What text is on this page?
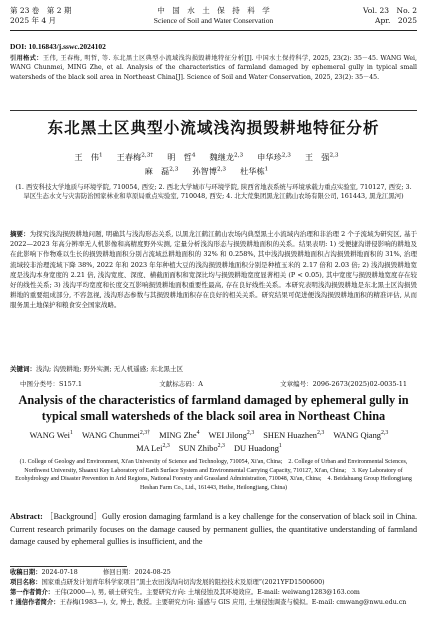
第 23 卷　第 2 期
2025 年 4 月
中　国　水　土　保　持　科　学
Science of Soil and Water Conservation
Vol. 23　No. 2
Apr.　2025
DOI: 10.16843/j.sswc.2024102
引用格式：王伟, 王春梅, 明哲, 等. 东北黑土区典型小流域浅沟损毁耕地特征分析[J]. 中国水土保持科学, 2025, 23(2): 35－45. WANG Wei, WANG Chunmei, MING Zhe, et al. Analysis of the characteristics of farmland damaged by ephemeral gully in typical small watersheds of the black soil area in Northeast China[J]. Science of Soil and Water Conservation, 2025, 23(2): 35－45.
东北黑土区典型小流域浅沟损毁耕地特征分析
王　伟$^1$ 王春梅$^{2,3\dagger}$ 明　哲$^4$ 魏继龙$^{2,3}$ 申华珍$^{2,3}$ 王　强$^{2,3}$
麻　磊$^{2,3}$ 孙智博$^{2,3}$ 杜华栋$^1$
(1. 西安科技大学地质与环境学院, 710054, 西安; 2. 西北大学城市与环境学院, 陕西省地表系统与环境承载力重点实验室, 710127, 西安; 3. 旱区生态水文与灾害防治国家林业和草原局重点实验室, 710048, 西安; 4. 北大荒集团黑龙江鹤山农场有限公司, 161443, 黑龙江黑河)
摘要：为探究浅沟损毁耕地问题, 明确其与浅沟形态关系, 以黑龙江鹤江鹤山农场内典型黑土小流域内治理和非治理 2 个子流域为研究区, 基于 2022—2023 年高分辨率无人机影像和高精度野外实测, 定量分析浅沟形态与损毁耕地面积的关系。结果表明: 1) 受便捷沟谱侵影响的耕地及在此影响下作物难以生长的损毁耕地面积分别占流域总耕地面积的 32% 和 0.258%, 其中浅沟损毁耕地面积占沟损毁耕地面积的 31%, 治理流域较非治理流域下降 38%, 2022 年和 2023 年年种植大豆的浅沟损毁耕地面积分别是种植玉米的 2.17 倍和 2.03 倍; 2) 浅沟损毁耕地宽度是浅沟本身宽度的 2.21 倍, 浅沟宽度、深度、横截面面积和宽深比均与损毁耕地宽度显著相关 (P < 0.05), 其中宽度与损毁耕地宽度存在较好的线性关系; 3) 浅沟平均宽度和长度交互影响损毁耕地面积重要性最高, 存在良好线性关系。本研究表明浅沟损毁耕地是东北黑土区沟损毁耕地的重要组成部分, 不容忽视, 浅沟形态参数与其损毁耕地面积存在良好的相关关系。研究结果可促进便浅沟损毁耕地面积的精准评估, 从而服务黑土地保护和粮食安全国家战略。
关键词：浅沟; 沟毁耕地; 野外实测; 无人机遥感; 东北黑土区
中图分类号：S157.1	文献标志码：A	文章编号：2096-2673(2025)02-0035-11
Analysis of the characteristics of farmland damaged by ephemeral gully in typical small watersheds of the black soil area in Northeast China
WANG Wei$^1$ WANG Chunmei$^{2,3\dagger}$ MING Zhe$^4$ WEI Jilong$^{2,3}$ SHEN Huazhen$^{2,3}$ WANG Qiang$^{2,3}$
MA Lei$^{2,3}$ SUN Zhibo$^{2,3}$ DU Huadong$^1$
(1. College of Geology and Environment, Xi'an University of Science and Technology, 710054, Xi'an, China;　2. College of Urban and Environmental Sciences, Northwest University, Shaanxi Key Laboratory of Earth Surface System and Environmental Carrying Capacity, 710127, Xi'an, China;　3. Key Laboratory of Ecohydrology and Disaster Prevention in Arid Regions, National Forestry and Grassland Administration, 710048, Xi'an, China;　4. Beidahuang Group Heilongjiang Heshan Farm Co., Ltd., 161443, Heihe, Heilongjiang, China)
Abstract: ［Background］Gully erosion damaging farmland is a key challenge for the conservation of black soil in China. Current research primarily focuses on the damage caused by permanent gullies, the quantitative understanding of farmland damage caused by ephemeral gullies is insufficient, and the
收稿日期：2024-07-18　　　　修回日期：2024-08-25
项目名称：国家重点研发计划青年科学家项目“黑土农田浅沟向切沟发展的阻控技术及原理”(2021YFD1500600)
第一作者简介：王伟(2000—), 男, 硕士研究生。主要研究方向: 土壤侵蚀及其环境效应。E-mail: weiwang1283@163.com
† 通信作者简介：王春梅(1983—), 女, 博士, 教授。主要研究方向: 遥感与 GIS 应用, 土壤侵蚀调查与模拟。E-mail: cmwang@nwu.edu.cn
